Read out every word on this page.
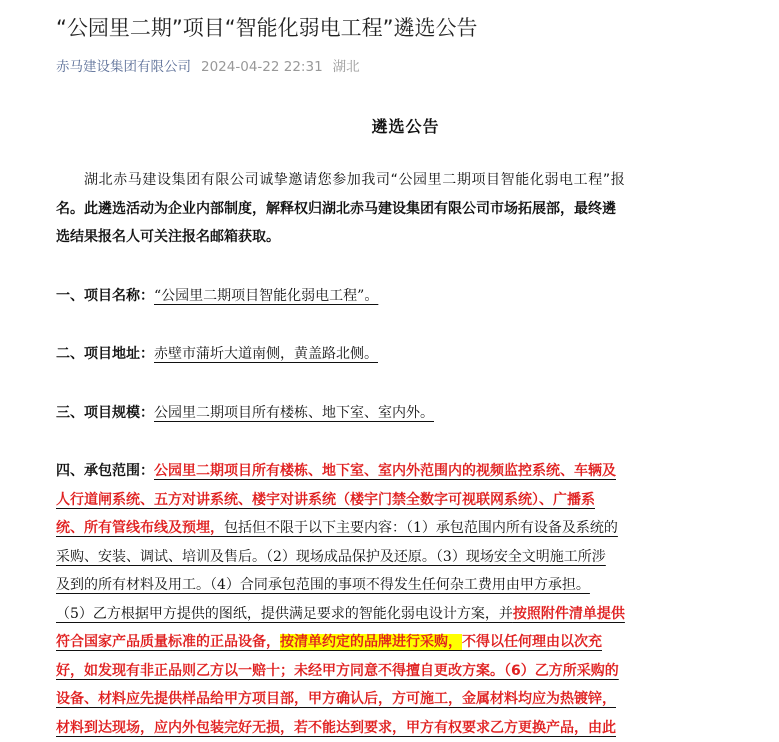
“公园里二期”项目“智能化弱电工程”遴选公告
赤马建设集团有限公司 2024-04-22 22:31 湖北
遴选公告

湖北赤马建设集团有限公司诚挚邀请您参加我司“公园里二期项目智能化弱电工程”报

名。此遴选活动为企业内部制度，解释权归湖北赤马建设集团有限公司市场拓展部，最终遴

选结果报名人可关注报名邮箱获取。

一、项目名称：“公园里二期项目智能化弱电工程”。

二、项目地址：赤壁市蒲圻大道南侧，黄盖路北侧。

三、项目规模：公园里二期项目所有楼栋、地下室、室内外。

四、承包范围：公园里二期项目所有楼栋、地下室、室内外范围内的视频监控系统、车辆及

人行道闸系统、五方对讲系统、楼宇对讲系统（楼宇门禁全数字可视联网系统）、广播系

统、所有管线布线及预埋，包括但不限于以下主要内容：（1）承包范围内所有设备及系统的

采购、安装、调试、培训及售后。（2）现场成品保护及还原。（3）现场安全文明施工所涉

及到的所有材料及用工。（4）合同承包范围的事项不得发生任何杂工费用由甲方承担。

（5）乙方根据甲方提供的图纸，提供满足要求的智能化弱电设计方案，并按照附件清单提供

符合国家产品质量标准的正品设备，按清单约定的品牌进行采购，不得以任何理由以次充

好，如发现有非正品则乙方以一赔十；未经甲方同意不得擅自更改方案。（6）乙方所采购的

设备、材料应先提供样品给甲方项目部，甲方确认后，方可施工，金属材料均应为热镀锌，

材料到达现场，应内外包装完好无损，若不能达到要求，甲方有权要求乙方更换产品，由此
